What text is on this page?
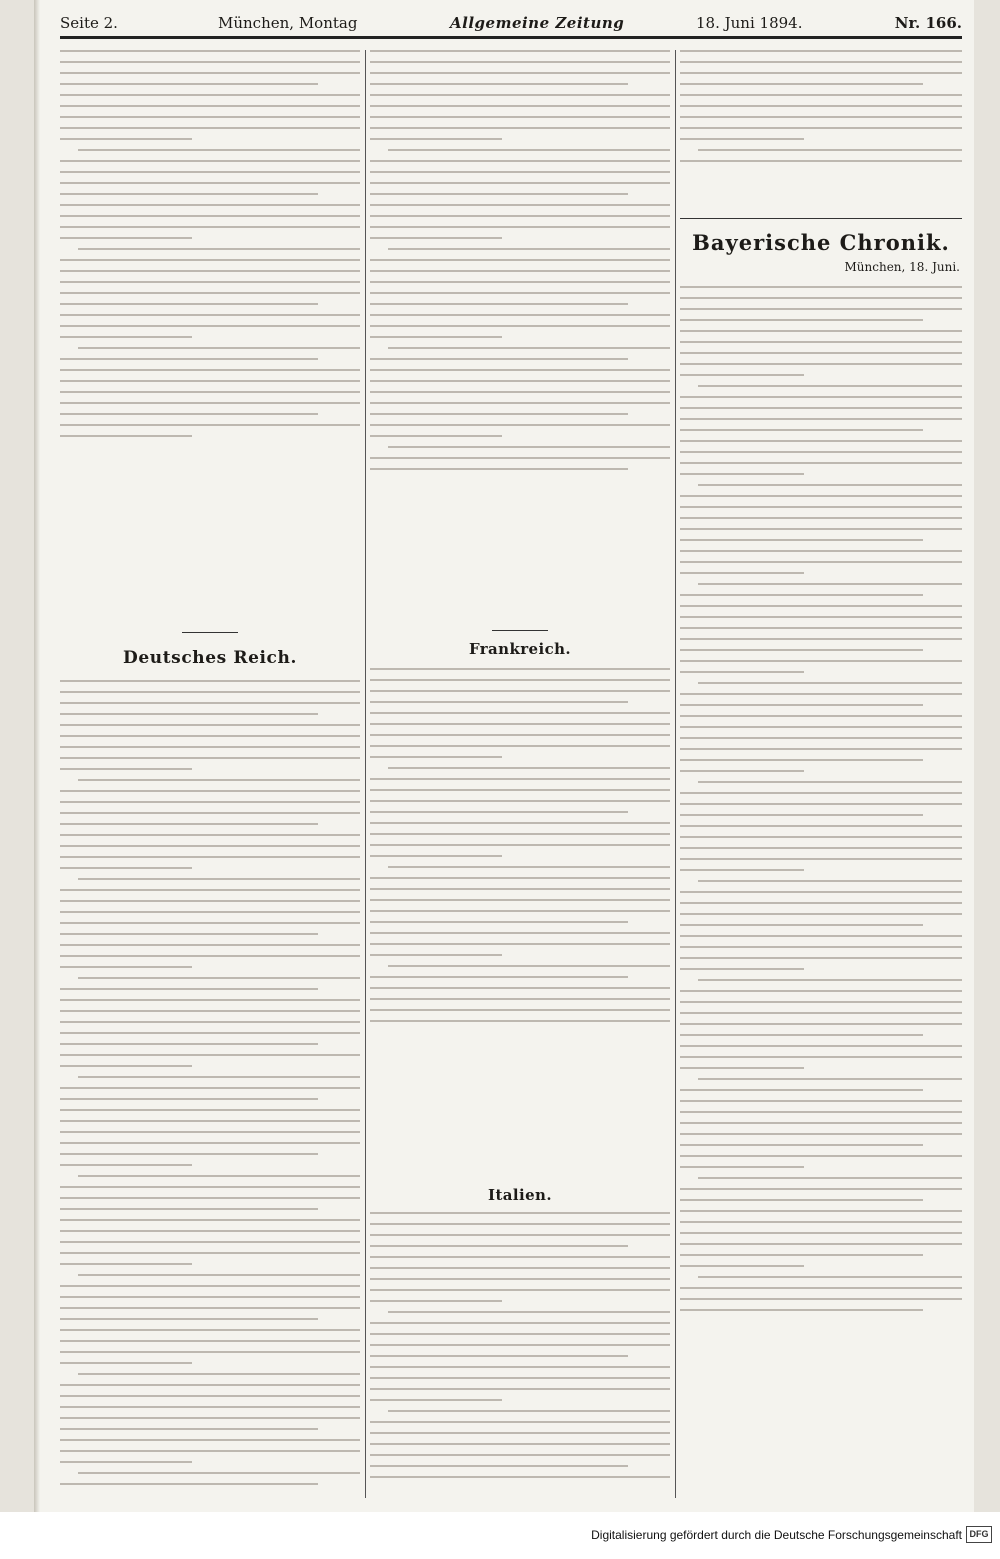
Seite 2.	München, Montag	Allgemeine Zeitung	18. Juni 1894.	Nr. 166.
Deutsches Reich.	Frankreich.
Italien.
Bayerische Chronik.
München, 18. Juni.
Digitalisierung gefördert durch die Deutsche Forschungsgemeinschaft DFG
